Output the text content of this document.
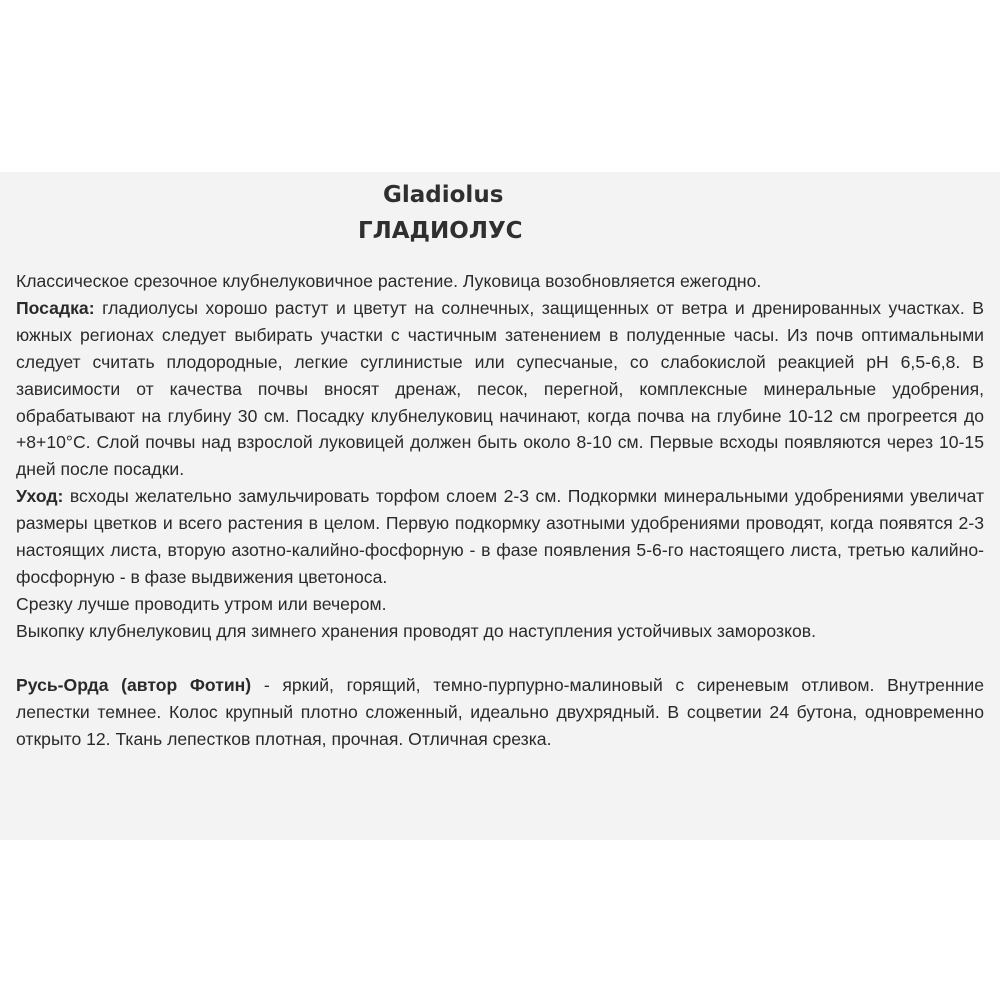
Gladiolus
ГЛАДИОЛУС

Классическое срезочное клубнелуковичное растение. Луковица возобновляется ежегодно.

Посадка: гладиолусы хорошо растут и цветут на солнечных, защищенных от ветра и дренированных участках. В южных регионах следует выбирать участки с частичным затенением в полуденные часы. Из почв оптимальными следует считать плодородные, легкие суглинистые или супесчаные, со слабокислой реакцией рН 6,5-6,8. В зависимости от качества почвы вносят дренаж, песок, перегной, комплексные минеральные удобрения, обрабатывают на глубину 30 см. Посадку клубнелуковиц начинают, когда почва на глубине 10-12 см прогреется до +8+10°С. Слой почвы над взрослой луковицей должен быть около 8-10 см. Первые всходы появляются через 10-15 дней после посадки.

Уход: всходы желательно замульчировать торфом слоем 2-3 см. Подкормки минеральными удобрениями увеличат размеры цветков и всего растения в целом. Первую подкормку азотными удобрениями проводят, когда появятся 2-3 настоящих листа, вторую азотно-калийно-фосфорную - в фазе появления 5-6-го настоящего листа, третью калийно-фосфорную - в фазе выдвижения цветоноса.

Срезку лучше проводить утром или вечером.

Выкопку клубнелуковиц для зимнего хранения проводят до наступления устойчивых заморозков.

Русь-Орда (автор Фотин) - яркий, горящий, темно-пурпурно-малиновый с сиреневым отливом. Внутренние лепестки темнее. Колос крупный плотно сложенный, идеально двухрядный. В соцветии 24 бутона, одновременно открыто 12. Ткань лепестков плотная, прочная. Отличная срезка.
